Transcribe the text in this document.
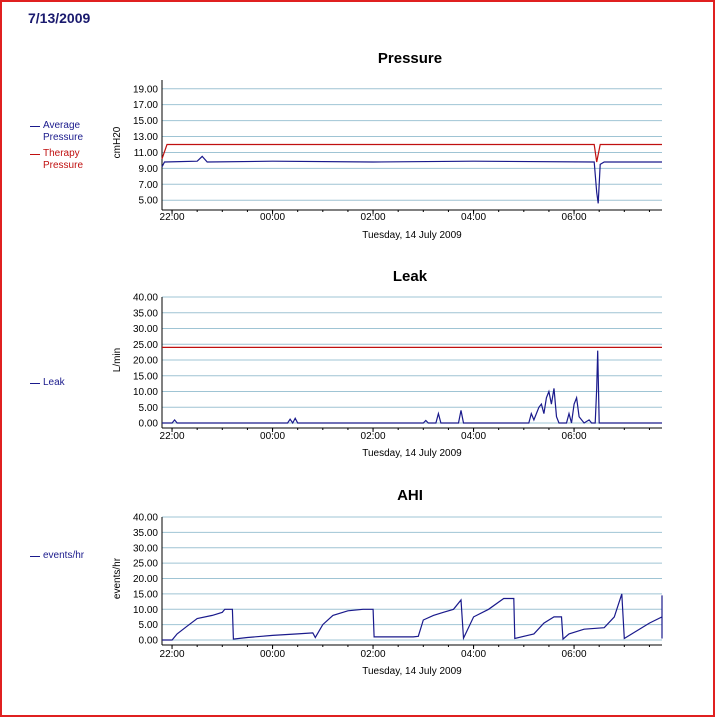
7/13/2009
Pressure
Leak
AHI
Average Pressure
Therapy Pressure
Leak
events/hr
19.00
17.00
15.00
13.00
11.00
9.00
7.00
5.00
22:00	00:00	02:00	04:00	06:00
cmH20
Tuesday, 14 July 2009
40.00
35.00
30.00
25.00
20.00
15.00
10.00
5.00
0.00
22:00	00:00	02:00	04:00	06:00
L/min
Tuesday, 14 July 2009
40.00
35.00
30.00
25.00
20.00
15.00
10.00
5.00
0.00
22:00	00:00	02:00	04:00	06:00
events/hr
Tuesday, 14 July 2009
